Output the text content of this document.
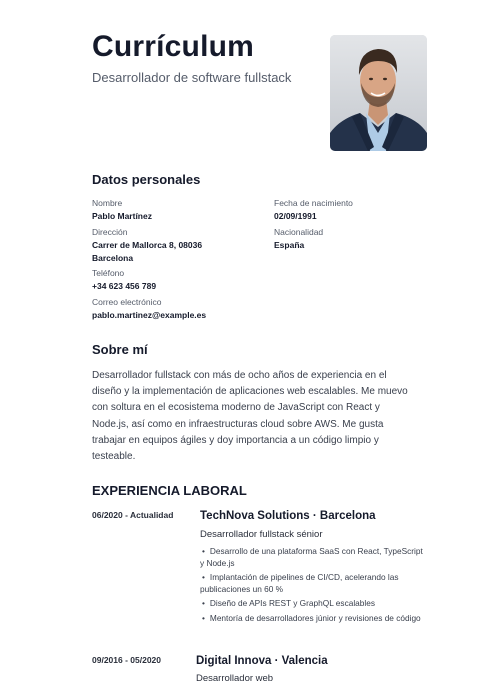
Currículum
Desarrollador de software fullstack
Datos personales
Nombre
Pablo Martínez
Fecha de nacimiento
02/09/1991
Dirección
Carrer de Mallorca 8, 08036
Barcelona
Nacionalidad
España
Teléfono
+34 623 456 789
Correo electrónico
pablo.martinez@example.es
Sobre mí
Desarrollador fullstack con más de ocho años de experiencia en el diseño y la implementación de aplicaciones web escalables. Me muevo con soltura en el ecosistema moderno de JavaScript con React y Node.js, así como en infraestructuras cloud sobre AWS. Me gusta trabajar en equipos ágiles y doy importancia a un código limpio y testeable.
EXPERIENCIA LABORAL
06/2020 - Actualidad TechNova Solutions · Barcelona
Desarrollador fullstack sénior
• Desarrollo de una plataforma SaaS con React, TypeScript y Node.js
• Implantación de pipelines de CI/CD, acelerando las publicaciones un 60 %
• Diseño de APIs REST y GraphQL escalables
• Mentoría de desarrolladores júnior y revisiones de código
09/2016 - 05/2020	Digital Innova · Valencia
Desarrollador web
